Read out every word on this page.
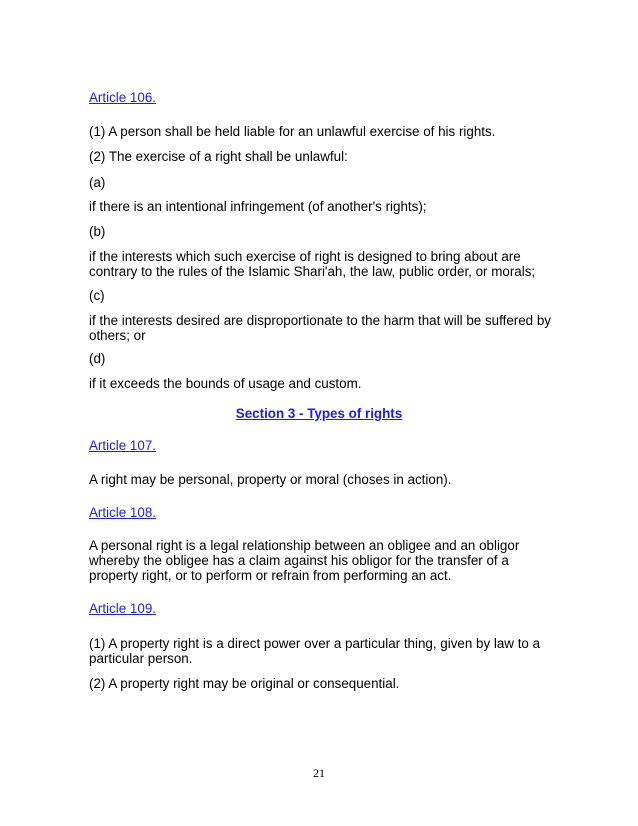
Article 106.

(1) A person shall be held liable for an unlawful exercise of his rights.

(2) The exercise of a right shall be unlawful:

(a)

if there is an intentional infringement (of another's rights);

(b)

if the interests which such exercise of right is designed to bring about are

contrary to the rules of the Islamic Shari'ah, the law, public order, or morals;

(c)

if the interests desired are disproportionate to the harm that will be suffered by

others; or

(d)

if it exceeds the bounds of usage and custom.

Section 3 - Types of rights
Article 107.

A right may be personal, property or moral (choses in action).

Article 108.

A personal right is a legal relationship between an obligee and an obligor

whereby the obligee has a claim against his obligor for the transfer of a

property right, or to perform or refrain from performing an act.

Article 109.

(1) A property right is a direct power over a particular thing, given by law to a

particular person.

(2) A property right may be original or consequential.

21
